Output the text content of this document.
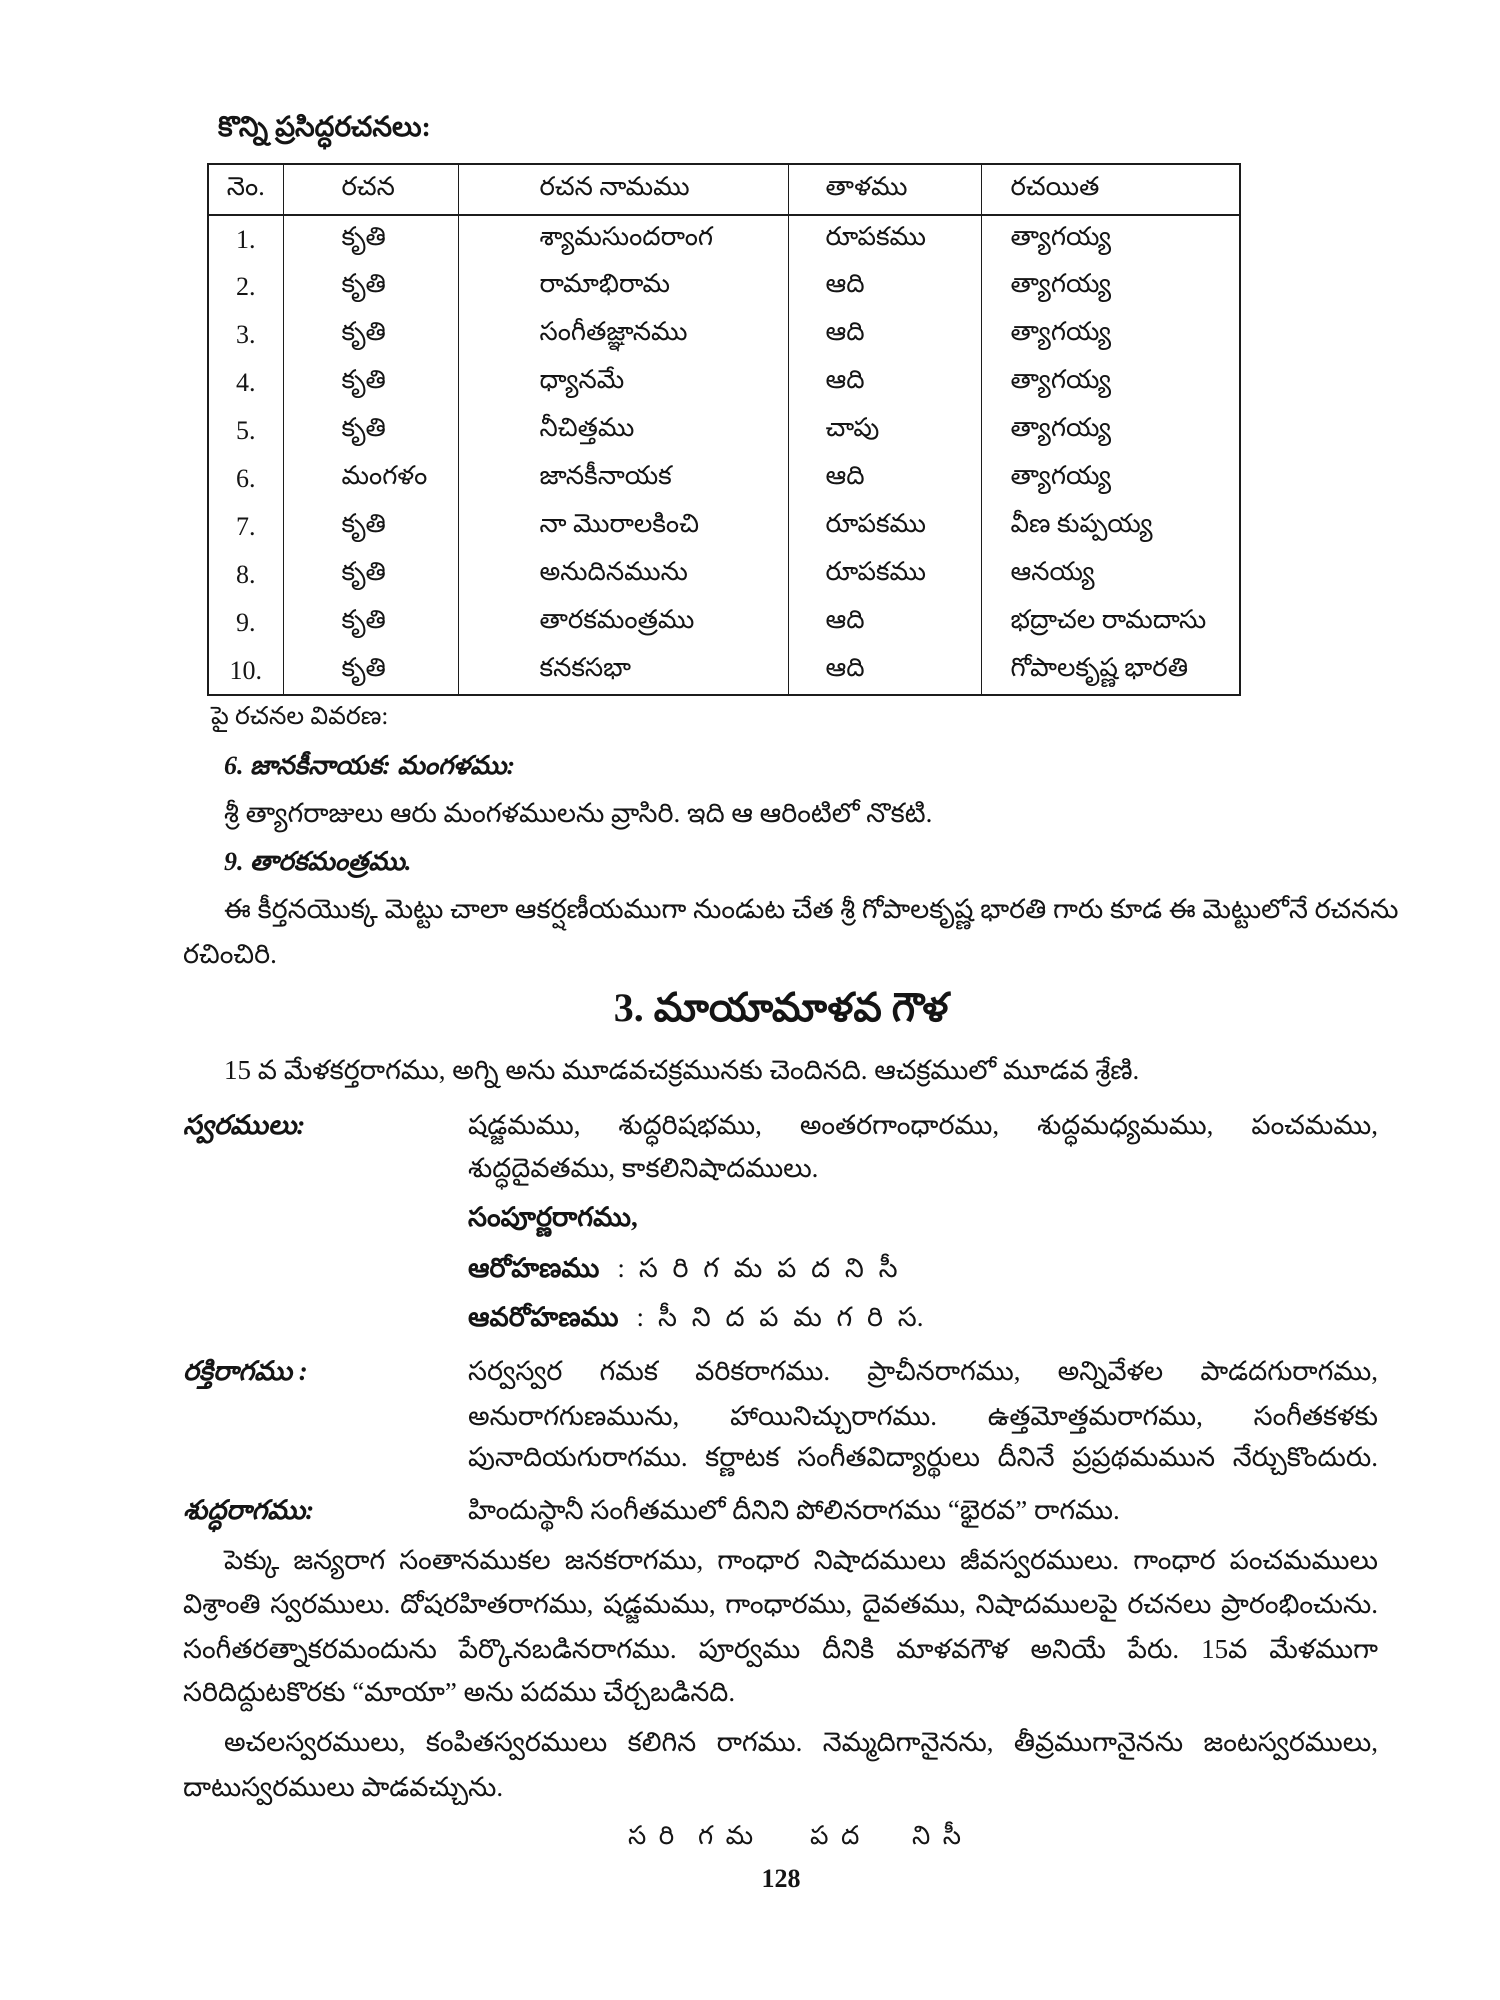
కొన్ని ప్రసిద్ధరచనలు:
నెం.	రచన	రచన నామము	తాళము	రచయిత
1.	కృతి	శ్యామసుందరాంగ	రూపకము	త్యాగయ్య
2.	కృతి	రామాభిరామ	ఆది	త్యాగయ్య
3.	కృతి	సంగీతజ్ఞానము	ఆది	త్యాగయ్య
4.	కృతి	ధ్యానమే	ఆది	త్యాగయ్య
5.	కృతి	నీచిత్తము	చాపు	త్యాగయ్య
6.	మంగళం	జానకీనాయక	ఆది	త్యాగయ్య
7.	కృతి	నా మొరాలకించి	రూపకము	వీణ కుప్పయ్య
8.	కృతి	అనుదినమును	రూపకము	ఆనయ్య
9.	కృతి	తారకమంత్రము	ఆది	భద్రాచల రామదాసు
10.	కృతి	కనకసభా	ఆది	గోపాలకృష్ణ భారతి
పై రచనల వివరణ:
6. జానకీనాయక: మంగళము:
శ్రీ త్యాగరాజులు ఆరు మంగళములను వ్రాసిరి. ఇది ఆ ఆరింటిలో నొకటి.
9. తారకమంత్రము.
ఈ కీర్తనయొక్క మెట్టు చాలా ఆకర్షణీయముగా నుండుట చేత శ్రీ గోపాలకృష్ణ భారతి గారు కూడ ఈ మెట్టులోనే రచనను
రచించిరి.
3. మాయామాళవ గౌళ
15 వ మేళకర్తరాగము, అగ్ని అను మూడవచక్రమునకు చెందినది. ఆచక్రములో మూడవ శ్రేణి.
స్వరములు:	షడ్జమము, శుద్ధరిషభము, అంతరగాంధారము, శుద్ధమధ్యమము, పంచమము,
శుద్ధదైవతము, కాకలినిషాదములు.
సంపూర్ణరాగము,
ఆరోహణము : స రి గ మ ప ద ని సీ
ఆవరోహణము : సీ ని ద ప మ గ రి స.
రక్తిరాగము :	సర్వస్వర గమక వరికరాగము. ప్రాచీనరాగము, అన్నివేళల పాడదగురాగము,
అనురాగగుణమును, హాయినిచ్చురాగము. ఉత్తమోత్తమరాగము, సంగీతకళకు
పునాదియగురాగము. కర్ణాటక సంగీతవిద్యార్థులు దీనినే ప్రప్రథమమున నేర్చుకొందురు.
శుద్ధరాగము:	హిందుస్థానీ సంగీతములో దీనిని పోలినరాగము “భైరవ” రాగము.
పెక్కు జన్యరాగ సంతానముకల జనకరాగము, గాంధార నిషాదములు జీవస్వరములు. గాంధార పంచమములు
విశ్రాంతి స్వరములు. దోషరహితరాగము, షడ్జమము, గాంధారము, దైవతము, నిషాదములపై రచనలు ప్రారంభించును.
సంగీతరత్నాకరమందును పేర్కొనబడినరాగము. పూర్వము దీనికి మాళవగౌళ అనియే పేరు. 15వ మేళముగా
సరిదిద్దుటకొరకు “మాయా” అను పదము చేర్చబడినది.
అచలస్వరములు, కంపితస్వరములు కలిగిన రాగము. నెమ్మదిగానైనను, తీవ్రముగానైనను జంటస్వరములు,
దాటుస్వరములు పాడవచ్చును.
స రి గ మ ప ద ని సీ
128
